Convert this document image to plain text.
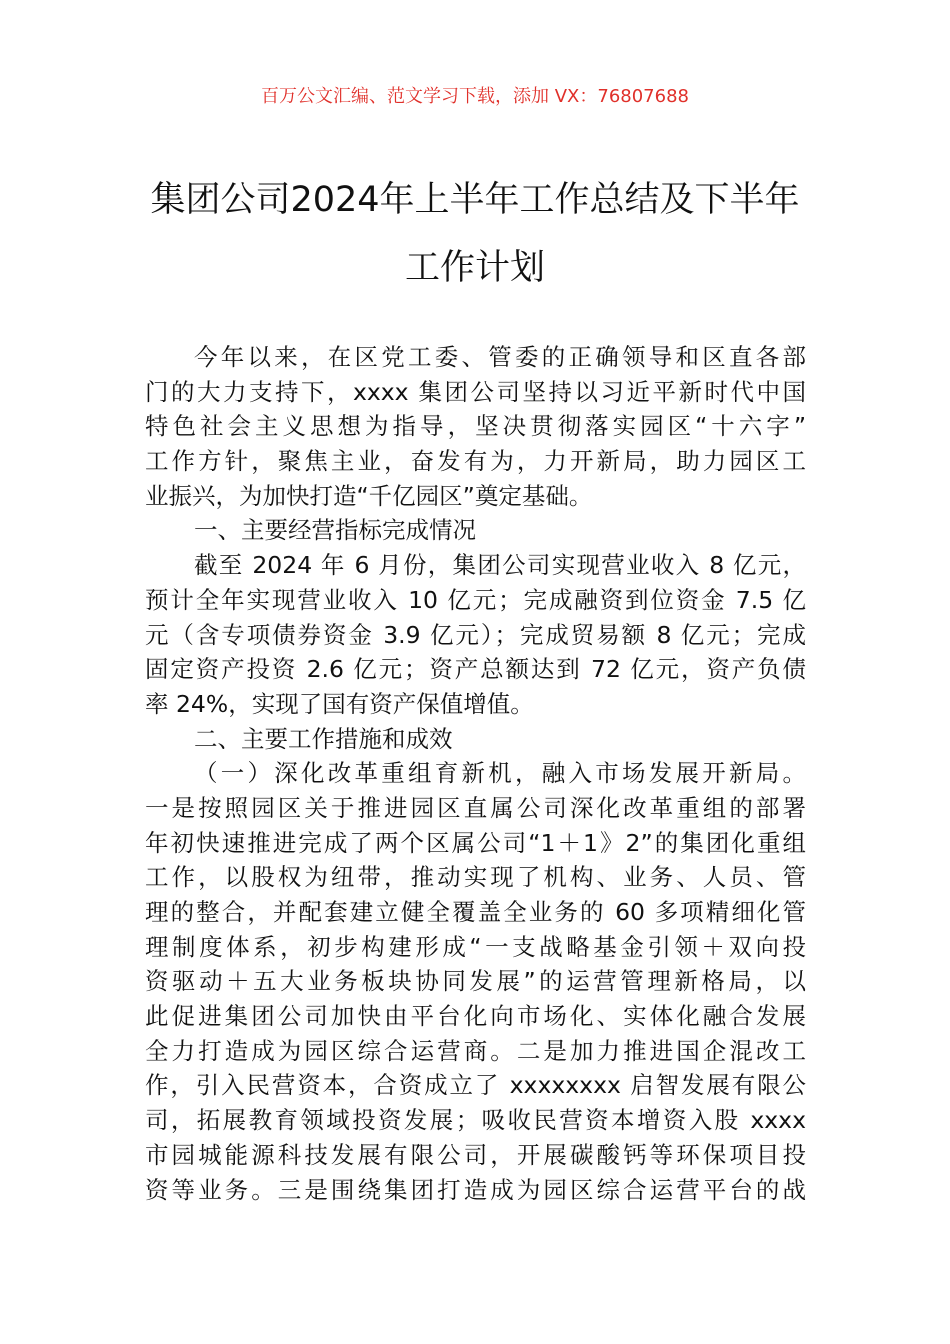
百万公文汇编、范文学习下载，添加 VX：76807688
集团公司2024年上半年工作总结及下半年
工作计划
今年以来，在区党工委、管委的正确领导和区直各部
门的大力支持下，xxxx 集团公司坚持以习近平新时代中国
特色社会主义思想为指导，坚决贯彻落实园区“十六字”
工作方针，聚焦主业，奋发有为，力开新局，助力园区工
业振兴，为加快打造“千亿园区”奠定基础。
一、主要经营指标完成情况
截至 2024 年 6 月份，集团公司实现营业收入 8 亿元，
预计全年实现营业收入 10 亿元；完成融资到位资金 7.5 亿
元（含专项债券资金 3.9 亿元）；完成贸易额 8 亿元；完成
固定资产投资 2.6 亿元；资产总额达到 72 亿元，资产负债
率 24%，实现了国有资产保值增值。
二、主要工作措施和成效
（一）深化改革重组育新机，融入市场发展开新局。
一是按照园区关于推进园区直属公司深化改革重组的部署
年初快速推进完成了两个区属公司“1＋1》2”的集团化重组
工作，以股权为纽带，推动实现了机构、业务、人员、管
理的整合，并配套建立健全覆盖全业务的 60 多项精细化管
理制度体系，初步构建形成“一支战略基金引领＋双向投
资驱动＋五大业务板块协同发展”的运营管理新格局，以
此促进集团公司加快由平台化向市场化、实体化融合发展
全力打造成为园区综合运营商。二是加力推进国企混改工
作，引入民营资本，合资成立了 xxxxxxxx 启智发展有限公
司，拓展教育领域投资发展；吸收民营资本增资入股 xxxx
市园城能源科技发展有限公司，开展碳酸钙等环保项目投
资等业务。三是围绕集团打造成为园区综合运营平台的战
